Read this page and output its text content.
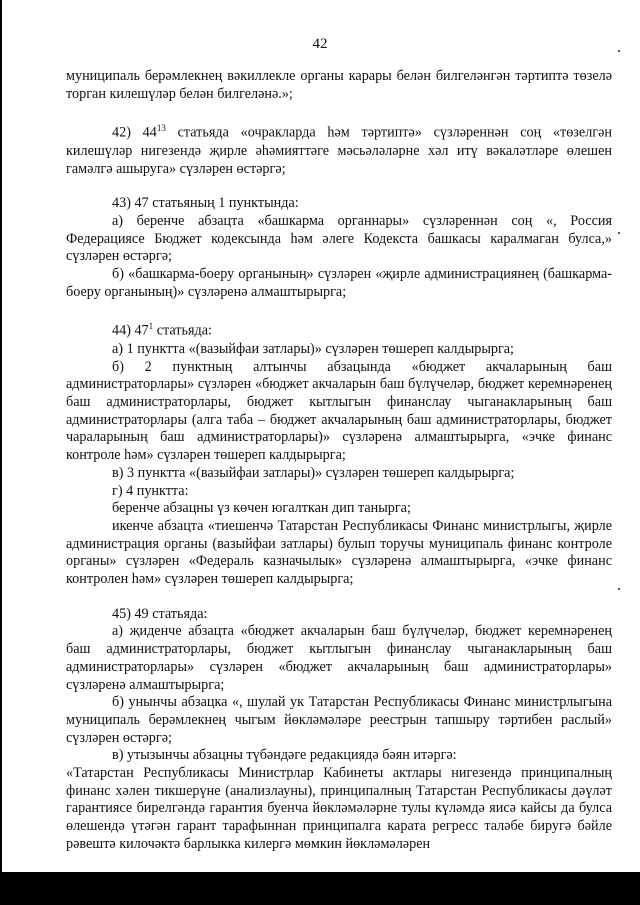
42

муниципаль берәмлекнең вәкиллекле органы карары белән билгеләнгән тәртиптә төзелә торган килешүләр белән билгеләнә.»;

42) $44^{13}$ статьяда «очракларда һәм тәртиптә» сүзләреннән соң «төзелгән килешүләр нигезендә җирле әһәмияттәге мәсьәләләрне хәл итү вәкаләтләре өлешен гамәлгә ашыруга» сүзләрен өстәргә;

43) 47 статьяның 1 пунктында:

а) беренче абзацта «башкарма органнары» сүзләреннән соң «, Россия Федерациясе Бюджет кодексында һәм әлеге Кодекста башкасы каралмаган булса,» сүзләрен өстәргә;

б) «башкарма-боеру органының» сүзләрен «җирле администрациянең (башкарма-боеру органының)» сүзләренә алмаштырырга;

44) $47^1$ статьяда:

а) 1 пунктта «(вазыйфаи затлары)» сүзләрен төшереп калдырырга;

б) 2 пунктның алтынчы абзацында «бюджет акчаларының баш администраторлары» сүзләрен «бюджет акчаларын баш бүлүчеләр, бюджет керемнәренең баш администраторлары, бюджет кытлыгын финанслау чыганакларының баш администраторлары (алга таба – бюджет акчаларының баш администраторлары, бюджет чараларының баш администраторлары)» сүзләренә алмаштырырга, «эчке финанс контроле һәм» сүзләрен төшереп калдырырга;

в) 3 пунктта «(вазыйфаи затлары)» сүзләрен төшереп калдырырга;

г) 4 пунктта:

беренче абзацны үз көчен югалткан дип танырга;

икенче абзацта «тиешенчә Татарстан Республикасы Финанс министрлыгы, җирле администрация органы (вазыйфаи затлары) булып торучы муниципаль финанс контроле органы» сүзләрен «Федераль казначылык» сүзләренә алмаштырырга, «эчке финанс контролен һәм» сүзләрен төшереп калдырырга;

45) 49 статьяда:

а) җиденче абзацта «бюджет акчаларын баш бүлүчеләр, бюджет керемнәренең баш администраторлары, бюджет кытлыгын финанслау чыганакларының баш администраторлары» сүзләрен «бюджет акчаларының баш администраторлары» сүзләренә алмаштырырга;

б) унынчы абзацка «, шулай ук Татарстан Республикасы Финанс министрлыгына муниципаль берәмлекнең чыгым йөкләмәләре реестрын тапшыру тәртибен раслый» сүзләрен өстәргә;

в) утызынчы абзацны түбәндәге редакциядә бәян итәргә:

«Татарстан Республикасы Министрлар Кабинеты актлары нигезендә принципалның финанс хәлен тикшерүне (анализлауны), принципалның Татарстан Республикасы дәүләт гарантиясе бирелгәндә гарантия буенча йөкләмәләрне тулы күләмдә яисә кайсы да булса өлешендә үтәгән гарант тарафыннан принципалга карата регресс таләбе биругә бәйле рәвештә килочәктә барлыкка килергә мөмкин йөкләмәләрен
